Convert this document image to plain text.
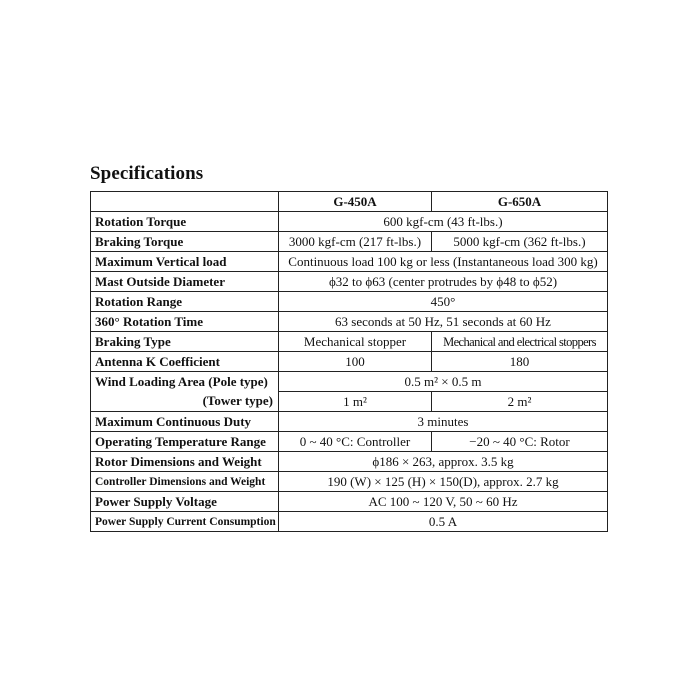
Specifications
	G-450A	G-650A
Rotation Torque	600 kgf-cm (43 ft-lbs.)	
Braking Torque	3000 kgf-cm (217 ft-lbs.)	5000 kgf-cm (362 ft-lbs.)
Maximum Vertical load	Continuous load 100 kg or less (Instantaneous load 300 kg)	
Mast Outside Diameter	ϕ32 to ϕ63 (center protrudes by ϕ48 to ϕ52)	
Rotation Range	450°	
360° Rotation Time	63 seconds at 50 Hz, 51 seconds at 60 Hz	
Braking Type	Mechanical stopper	Mechanical and electrical stoppers
Antenna K Coefficient	100	180
Wind Loading Area (Pole type)	0.5 m² × 0.5 m	
(Tower type)	1 m²	2 m²
Maximum Continuous Duty	3 minutes	
Operating Temperature Range	0 ~ 40 °C: Controller	−20 ~ 40 °C: Rotor
Rotor Dimensions and Weight	ϕ186 × 263, approx. 3.5 kg	
Controller Dimensions and Weight	190 (W) × 125 (H) × 150(D), approx. 2.7 kg	
Power Supply Voltage	AC 100 ~ 120 V, 50 ~ 60 Hz	
Power Supply Current Consumption	0.5 A	
